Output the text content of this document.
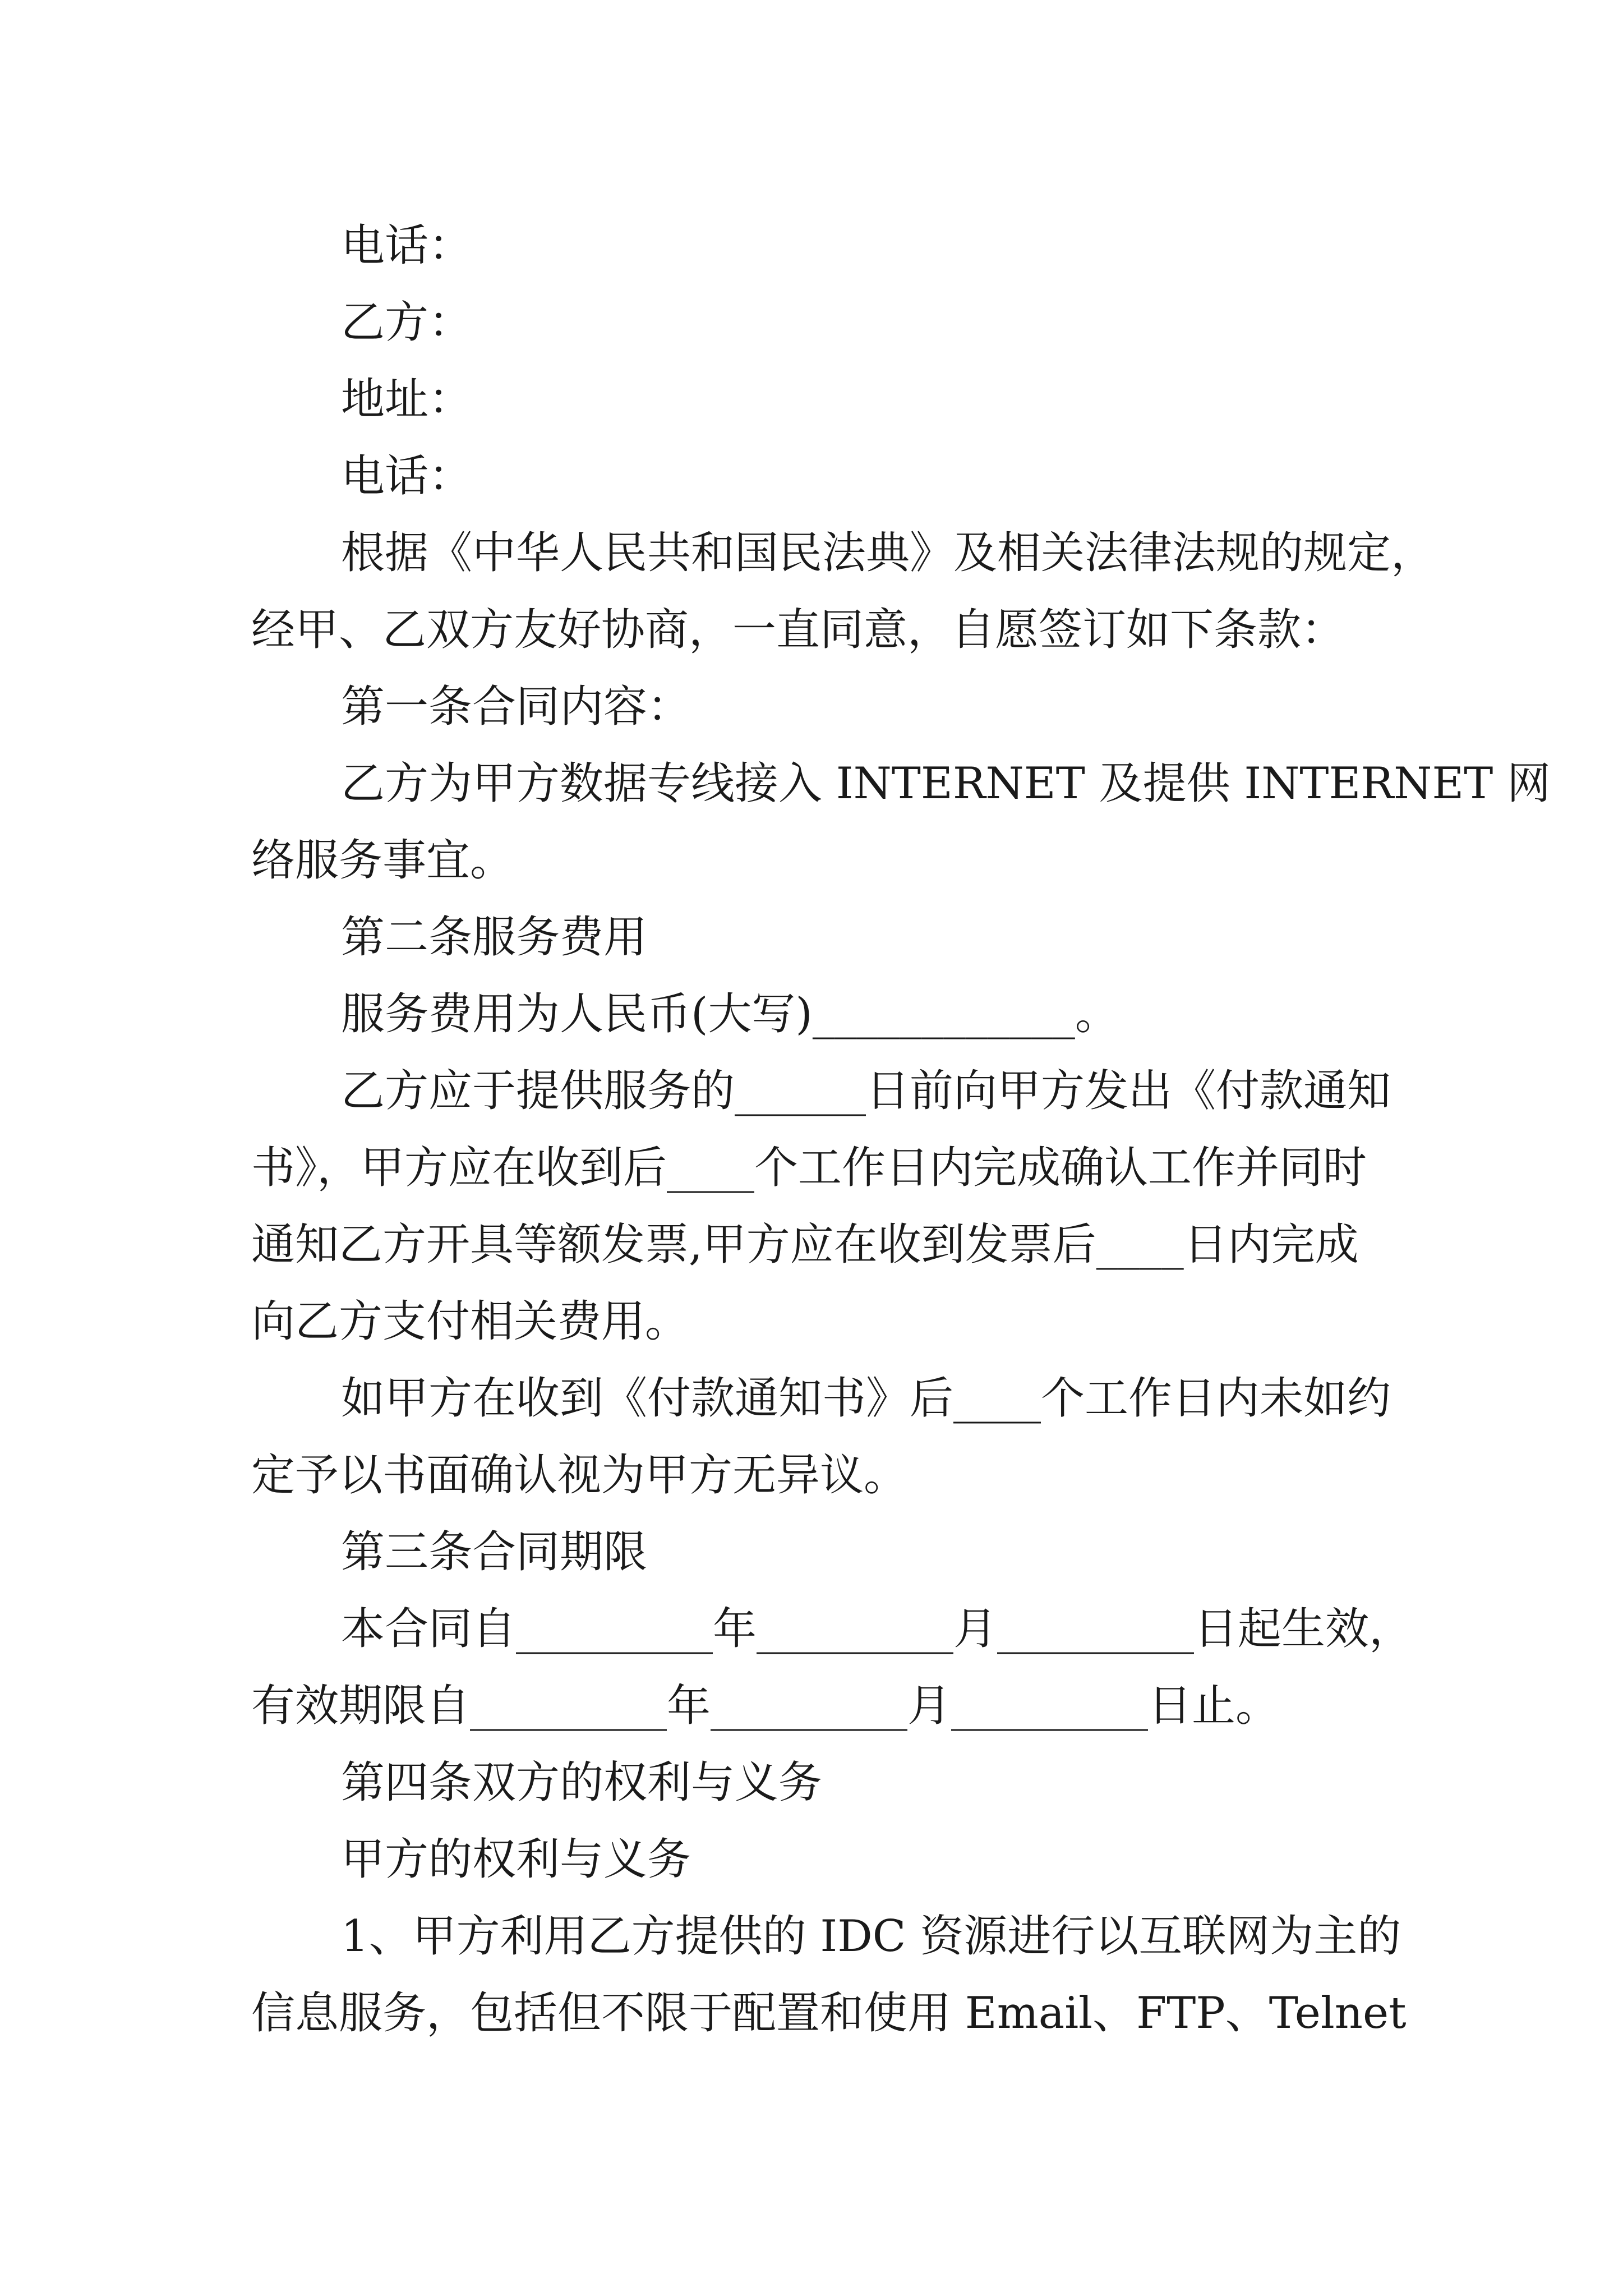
电话：
乙方：
地址：
电话：
根据《中华人民共和国民法典》及相关法律法规的规定，
经甲、乙双方友好协商，一直同意，自愿签订如下条款：
第一条合同内容：
乙方为甲方数据专线接入 INTERNET 及提供 INTERNET 网
络服务事宜。
第二条服务费用
服务费用为人民币(大写)____________。
乙方应于提供服务的______日前向甲方发出《付款通知
书》，甲方应在收到后____个工作日内完成确认工作并同时
通知乙方开具等额发票,甲方应在收到发票后____日内完成
向乙方支付相关费用。
如甲方在收到《付款通知书》后____个工作日内未如约
定予以书面确认视为甲方无异议。
第三条合同期限
本合同自_________年_________月_________日起生效，
有效期限自_________年_________月_________日止。
第四条双方的权利与义务
甲方的权利与义务
1、甲方利用乙方提供的 IDC 资源进行以互联网为主的
信息服务，包括但不限于配置和使用 Email、FTP、Telnet
